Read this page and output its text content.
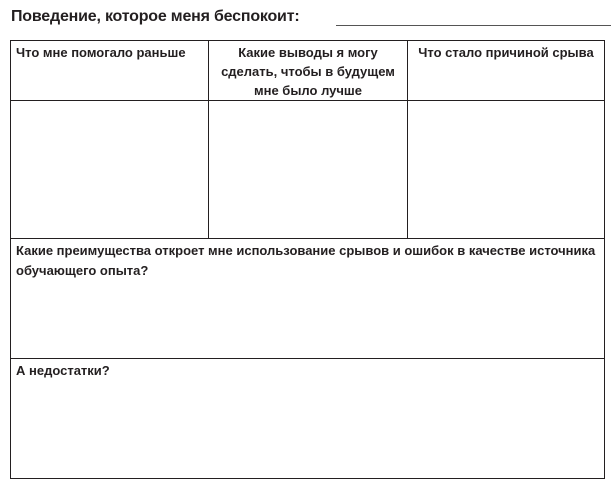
Поведение, которое меня беспокоит:
Что мне помогало раньше	Какие выводы я могу сделать, чтобы в будущем мне было лучше
Что стало причиной срыва
Какие преимущества откроет мне использование срывов и ошибок в качестве источника обучающего опыта?
А недостатки?
